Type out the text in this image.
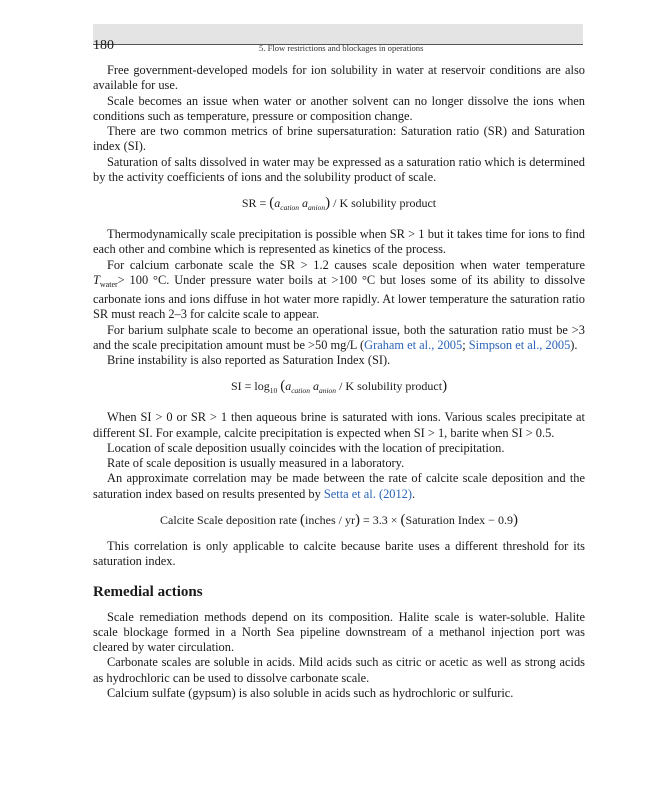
180	5. Flow restrictions and blockages in operations

Free government-developed models for ion solubility in water at reservoir conditions are also available for use.

Scale becomes an issue when water or another solvent can no longer dissolve the ions when conditions such as temperature, pressure or composition change.

There are two common metrics of brine supersaturation: Saturation ratio (SR) and Saturation index (SI).

Saturation of salts dissolved in water may be expressed as a saturation ratio which is determined by the activity coefficients of ions and the solubility product of scale.

SR = ($a_{cation}$ $a_{anion}$) / K solubility product

Thermodynamically scale precipitation is possible when SR > 1 but it takes time for ions to find each other and combine which is represented as kinetics of the process.

For calcium carbonate scale the SR > 1.2 causes scale deposition when water temperature $T_{water}> 100$ °C. Under pressure water boils at >100 °C but loses some of its ability to dissolve carbonate ions and ions diffuse in hot water more rapidly. At lower temperature the saturation ratio SR must reach 2–3 for calcite scale to appear.

For barium sulphate scale to become an operational issue, both the saturation ratio must be >3 and the scale precipitation amount must be >50 mg/L (Graham et al., 2005; Simpson et al., 2005).

Brine instability is also reported as Saturation Index (SI).

SI = $\log_{10} (a_{cation}$ $a_{anion}$ / K solubility product)

When SI > 0 or SR > 1 then aqueous brine is saturated with ions. Various scales precipitate at different SI. For example, calcite precipitation is expected when SI > 1, barite when SI > 0.5.

Location of scale deposition usually coincides with the location of precipitation.

Rate of scale deposition is usually measured in a laboratory.

An approximate correlation may be made between the rate of calcite scale deposition and the saturation index based on results presented by Setta et al. (2012).

Calcite Scale deposition rate (inches / yr) = 3.3 × (Saturation Index − 0.9)

This correlation is only applicable to calcite because barite uses a different threshold for its saturation index.

Remedial actions

Scale remediation methods depend on its composition. Halite scale is water-soluble. Halite scale blockage formed in a North Sea pipeline downstream of a methanol injection port was cleared by water circulation.

Carbonate scales are soluble in acids. Mild acids such as citric or acetic as well as strong acids as hydrochloric can be used to dissolve carbonate scale.

Calcium sulfate (gypsum) is also soluble in acids such as hydrochloric or sulfuric.
